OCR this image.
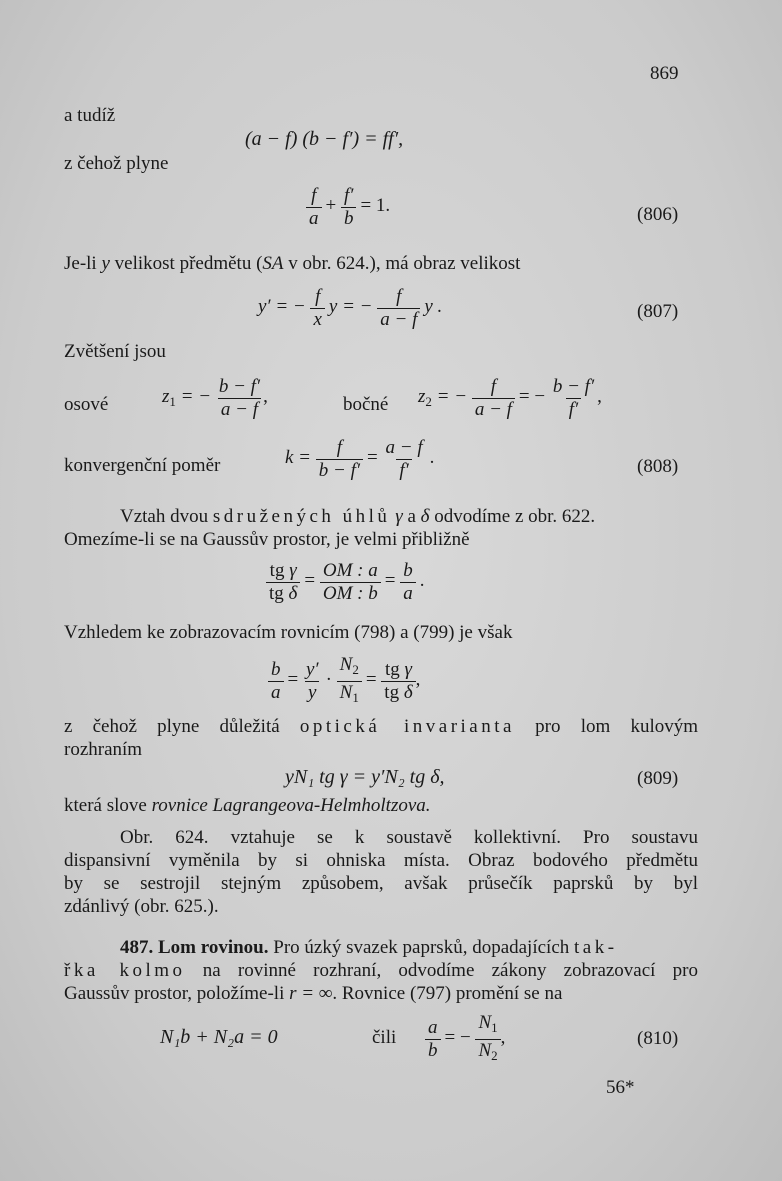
869
a tudíž
(a − f) (b − f′) = ff′,
z čehož plyne
$\frac{f}{a} + \frac{f'}{b} = 1$.	(806)
Je-li y velikost předmětu (SA v obr. 624.), má obraz velikost
y′ = − $\frac{f}{x}$ y = − $\frac{f}{a - f}$ y .	(807)
Zvětšení jsou
osové	$z_1$ = − $\frac{b - f'}{a - f}$ ,	bočné $z_2$ = − $\frac{f}{a - f}$ = − $\frac{b - f'}{f'}$ ,
konvergenční poměr	$k = \frac{f}{b - f'} = \frac{a - f}{f'}$ .	(808)
Vztah dvou sdružených úhlů γ a δ odvodíme z obr. 622.
Omezíme-li se na Gaussův prostor, je velmi přibližně
$\frac{\text{tg γ}}{\text{tg δ}} = \frac{OM : a}{OM : b} = \frac{b}{a}$ .
Vzhledem ke zobrazovacím rovnicím (798) a (799) je však
$\frac{b}{a} = \frac{y'}{y} \cdot \frac{N_2}{N_1} = \frac{\text{tg γ}}{\text{tg δ}}$ ,
z čehož plyne důležitá optická invarianta pro lom kulovým
rozhraním
yN₁ tg γ = y′N₂ tg δ,	(809)
která slove rovnice Lagrangeova-Helmholtzova.
Obr. 624. vztahuje se k soustavě kollektivní. Pro soustavu
dispansivní vyměnila by si ohniska místa. Obraz bodového předmětu
by se sestrojil stejným způsobem, avšak průsečík paprsků by byl
zdánlivý (obr. 625.).
487. Lom rovinou. Pro úzký svazek paprsků, dopadajících tak-
řka kolmo na rovinné rozhraní, odvodíme zákony zobrazovací pro
Gaussův prostor, položíme-li r = ∞. Rovnice (797) promění se na
N₁b + N₂a = 0	čili $\frac{a}{b}$ = − $\frac{N_1}{N_2}$ ,	(810)
56*
